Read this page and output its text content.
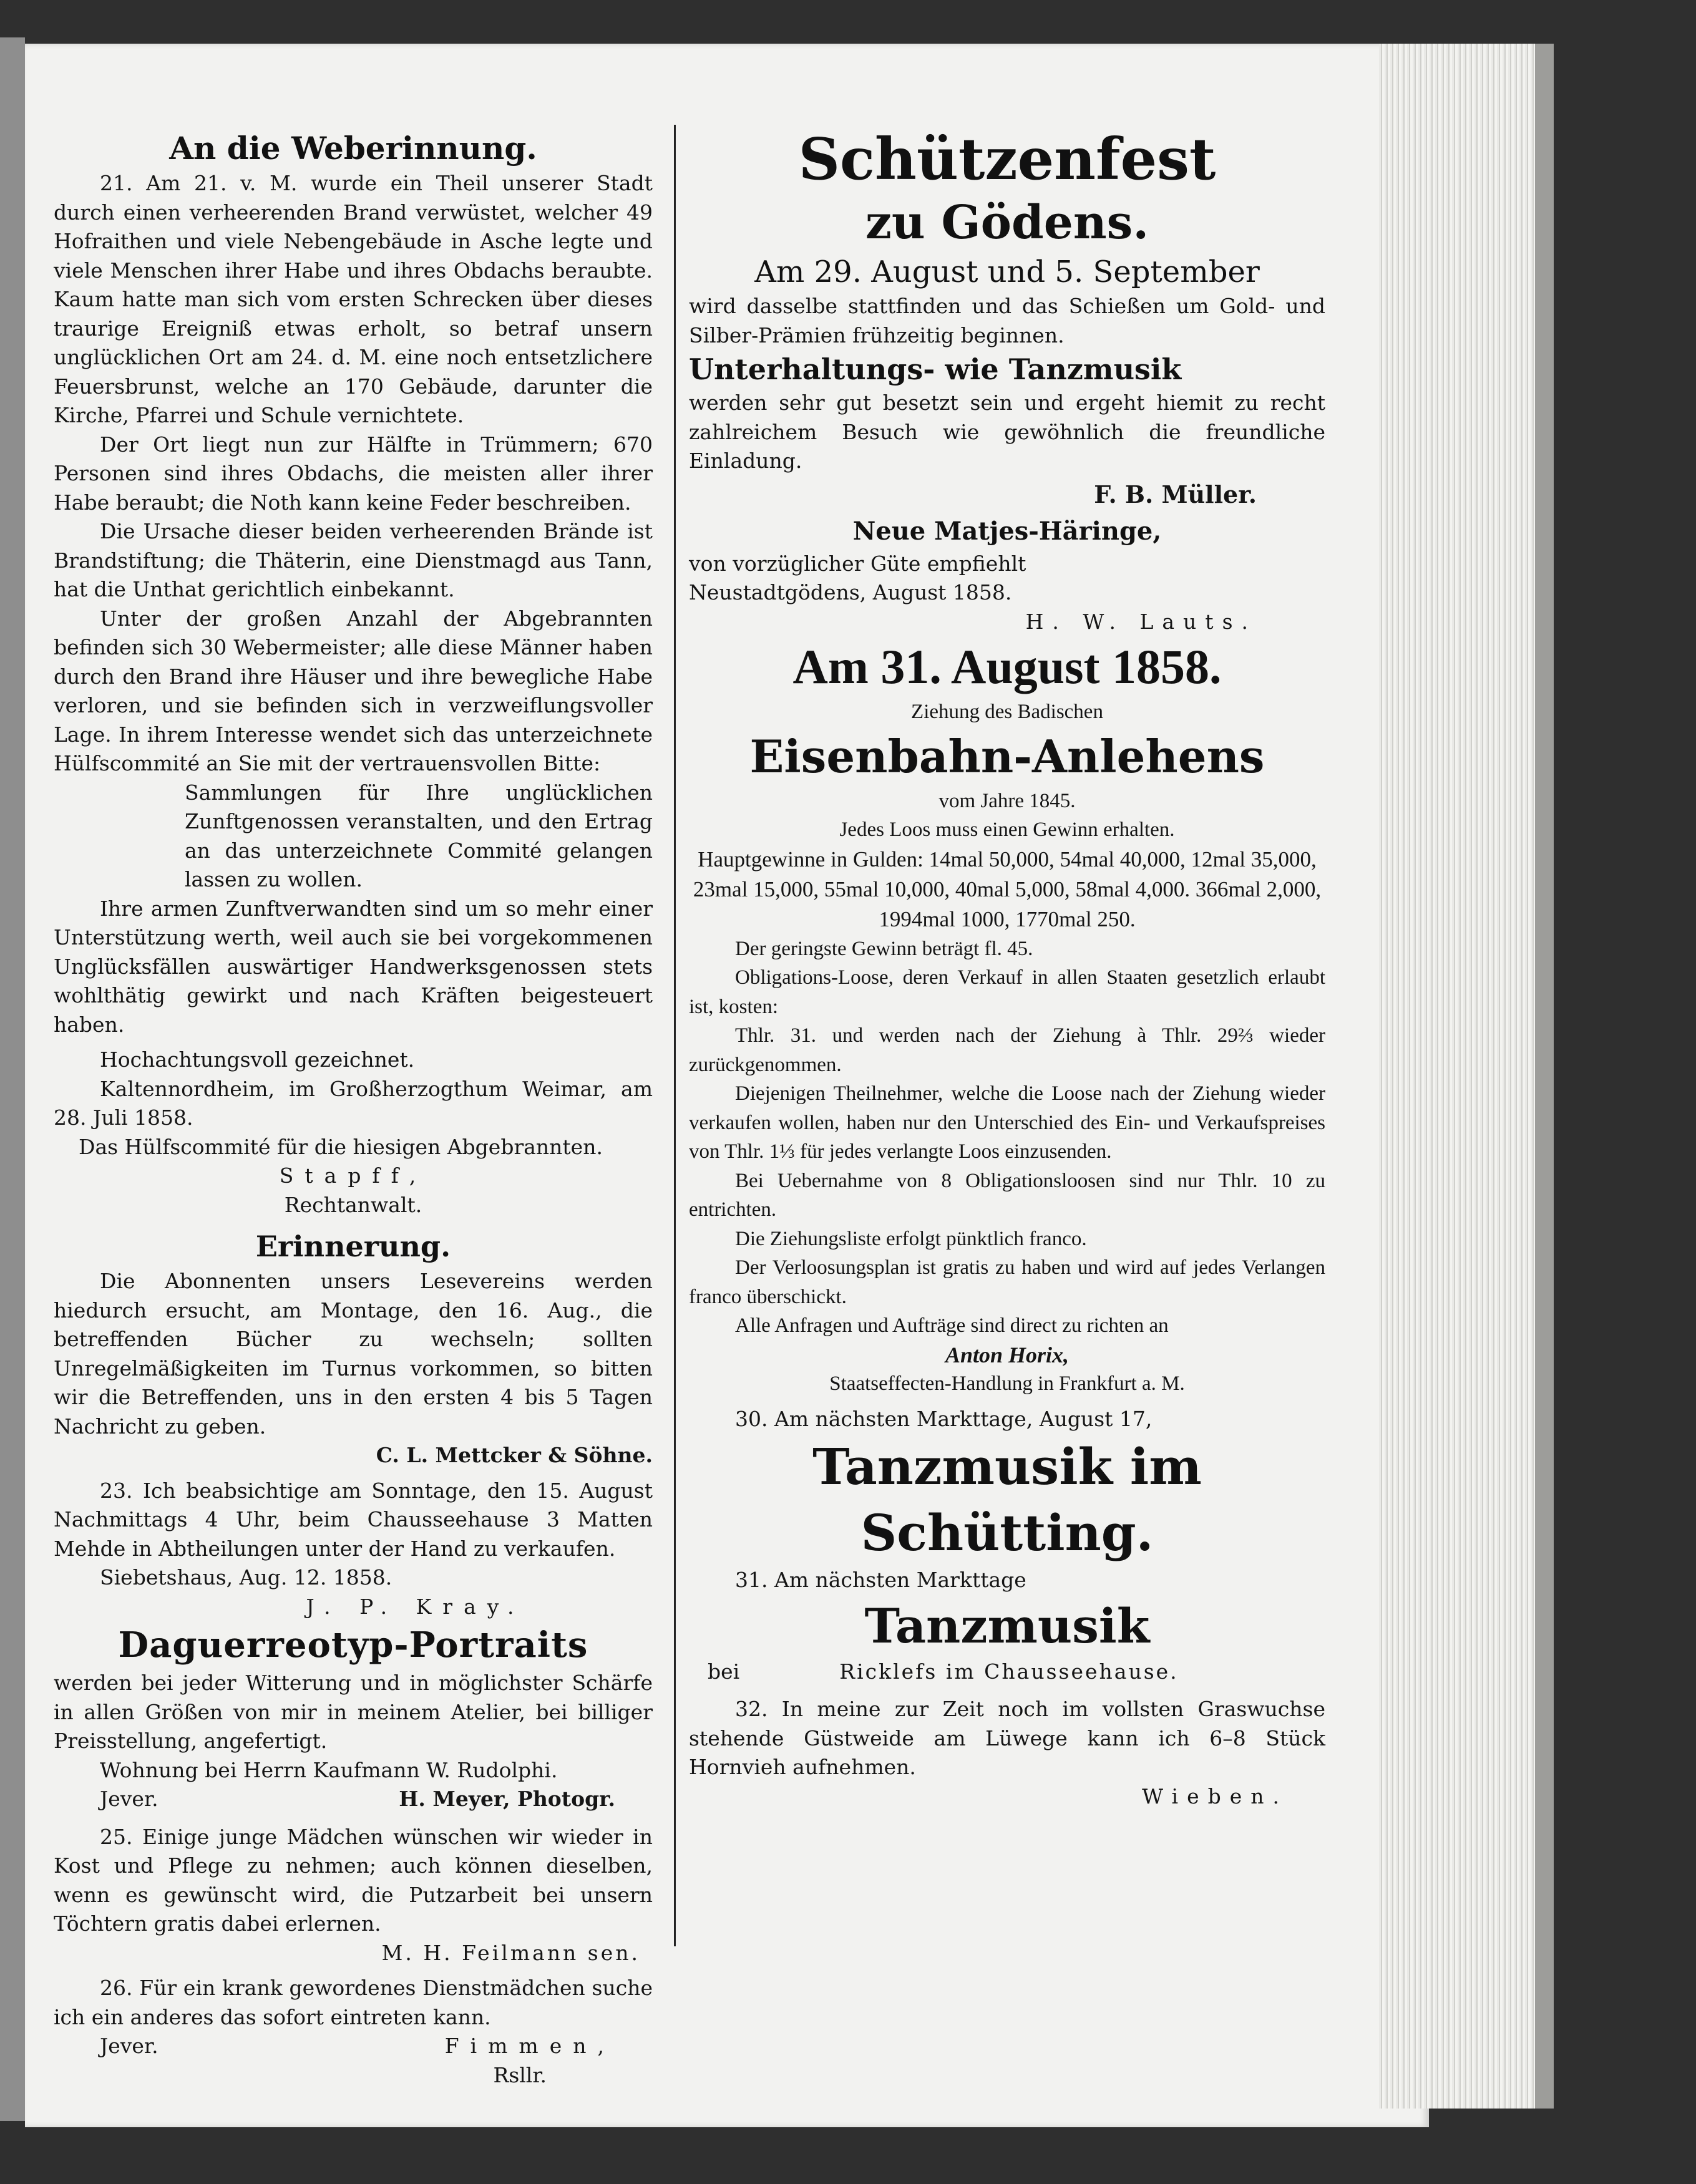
An die Weberinnung.

21. Am 21. v. M. wurde ein Theil unserer Stadt durch einen verheerenden Brand verwüstet, welcher 49 Hofraithen und viele Nebengebäude in Asche legte und viele Menschen ihrer Habe und ihres Obdachs beraubte. Kaum hatte man sich vom ersten Schrecken über dieses traurige Ereigniß etwas erholt, so betraf unsern unglücklichen Ort am 24. d. M. eine noch entsetzlichere Feuersbrunst, welche an 170 Gebäude, darunter die Kirche, Pfarrei und Schule vernichtete.

Der Ort liegt nun zur Hälfte in Trümmern; 670 Personen sind ihres Obdachs, die meisten aller ihrer Habe beraubt; die Noth kann keine Feder beschreiben.

Die Ursache dieser beiden verheerenden Brände ist Brandstiftung; die Thäterin, eine Dienstmagd aus Tann, hat die Unthat gerichtlich einbekannt.

Unter der großen Anzahl der Abgebrannten befinden sich 30 Webermeister; alle diese Männer haben durch den Brand ihre Häuser und ihre bewegliche Habe verloren, und sie befinden sich in verzweiflungsvoller Lage. In ihrem Interesse wendet sich das unterzeichnete Hülfscommité an Sie mit der vertrauensvollen Bitte:

Sammlungen für Ihre unglücklichen Zunftgenossen veranstalten, und den Ertrag an das unterzeichnete Commité gelangen lassen zu wollen.

Ihre armen Zunftverwandten sind um so mehr einer Unterstützung werth, weil auch sie bei vorgekommenen Unglücksfällen auswärtiger Handwerksgenossen stets wohlthätig gewirkt und nach Kräften beigesteuert haben.

Hochachtungsvoll gezeichnet.

Kaltennordheim, im Großherzogthum Weimar, am 28. Juli 1858.

Das Hülfscommité für die hiesigen Abgebrannten.

Stapff,

Rechtanwalt.

Erinnerung.

Die Abonnenten unsers Lesevereins werden hiedurch ersucht, am Montage, den 16. Aug., die betreffenden Bücher zu wechseln; sollten Unregelmäßigkeiten im Turnus vorkommen, so bitten wir die Betreffenden, uns in den ersten 4 bis 5 Tagen Nachricht zu geben.

C. L. Mettcker & Söhne.

23. Ich beabsichtige am Sonntage, den 15. August Nachmittags 4 Uhr, beim Chausseehause 3 Matten Mehde in Abtheilungen unter der Hand zu verkaufen.

Siebetshaus, Aug. 12. 1858.

J. P. Kray.

Daguerreotyp-Portraits

werden bei jeder Witterung und in möglichster Schärfe in allen Größen von mir in meinem Atelier, bei billiger Preisstellung, angefertigt.

Wohnung bei Herrn Kaufmann W. Rudolphi.

Jever.	H. Meyer, Photogr.

25. Einige junge Mädchen wünschen wir wieder in Kost und Pflege zu nehmen; auch können dieselben, wenn es gewünscht wird, die Putzarbeit bei unsern Töchtern gratis dabei erlernen.

M. H. Feilmann sen.

26. Für ein krank gewordenes Dienstmädchen suche ich ein anderes das sofort eintreten kann.

Jever.	Fimmen,

Rsllr.

Schützenfest

zu Gödens.

Am 29. August und 5. September

wird dasselbe stattfinden und das Schießen um Gold- und Silber-Prämien frühzeitig beginnen.

Unterhaltungs- wie Tanzmusik

werden sehr gut besetzt sein und ergeht hiemit zu recht zahlreichem Besuch wie gewöhnlich die freundliche Einladung.

F. B. Müller.

Neue Matjes-Häringe,

von vorzüglicher Güte empfiehlt

Neustadtgödens, August 1858.

H. W. Lauts.

Am 31. August 1858.

Ziehung des Badischen

Eisenbahn-Anlehens

vom Jahre 1845.

Jedes Loos muss einen Gewinn erhalten.

Hauptgewinne in Gulden: 14mal 50,000, 54mal 40,000, 12mal 35,000, 23mal 15,000, 55mal 10,000, 40mal 5,000, 58mal 4,000. 366mal 2,000, 1994mal 1000, 1770mal 250.

Der geringste Gewinn beträgt fl. 45.

Obligations-Loose, deren Verkauf in allen Staaten gesetzlich erlaubt ist, kosten:

Thlr. 31. und werden nach der Ziehung à Thlr. 29⅔ wieder zurückgenommen.

Diejenigen Theilnehmer, welche die Loose nach der Ziehung wieder verkaufen wollen, haben nur den Unterschied des Ein- und Verkaufspreises von Thlr. 1⅓ für jedes verlangte Loos einzusenden.

Bei Uebernahme von 8 Obligationsloosen sind nur Thlr. 10 zu entrichten.

Die Ziehungsliste erfolgt pünktlich franco.

Der Verloosungsplan ist gratis zu haben und wird auf jedes Verlangen franco überschickt.

Alle Anfragen und Aufträge sind direct zu richten an

Anton Horix,

Staatseffecten-Handlung in Frankfurt a. M.

30. Am nächsten Markttage, August 17,

Tanzmusik im Schütting.

31. Am nächsten Markttage

Tanzmusik

bei	Ricklefs im Chausseehause.

32. In meine zur Zeit noch im vollsten Graswuchse stehende Güstweide am Lüwege kann ich 6–8 Stück Hornvieh aufnehmen.

Wieben.
